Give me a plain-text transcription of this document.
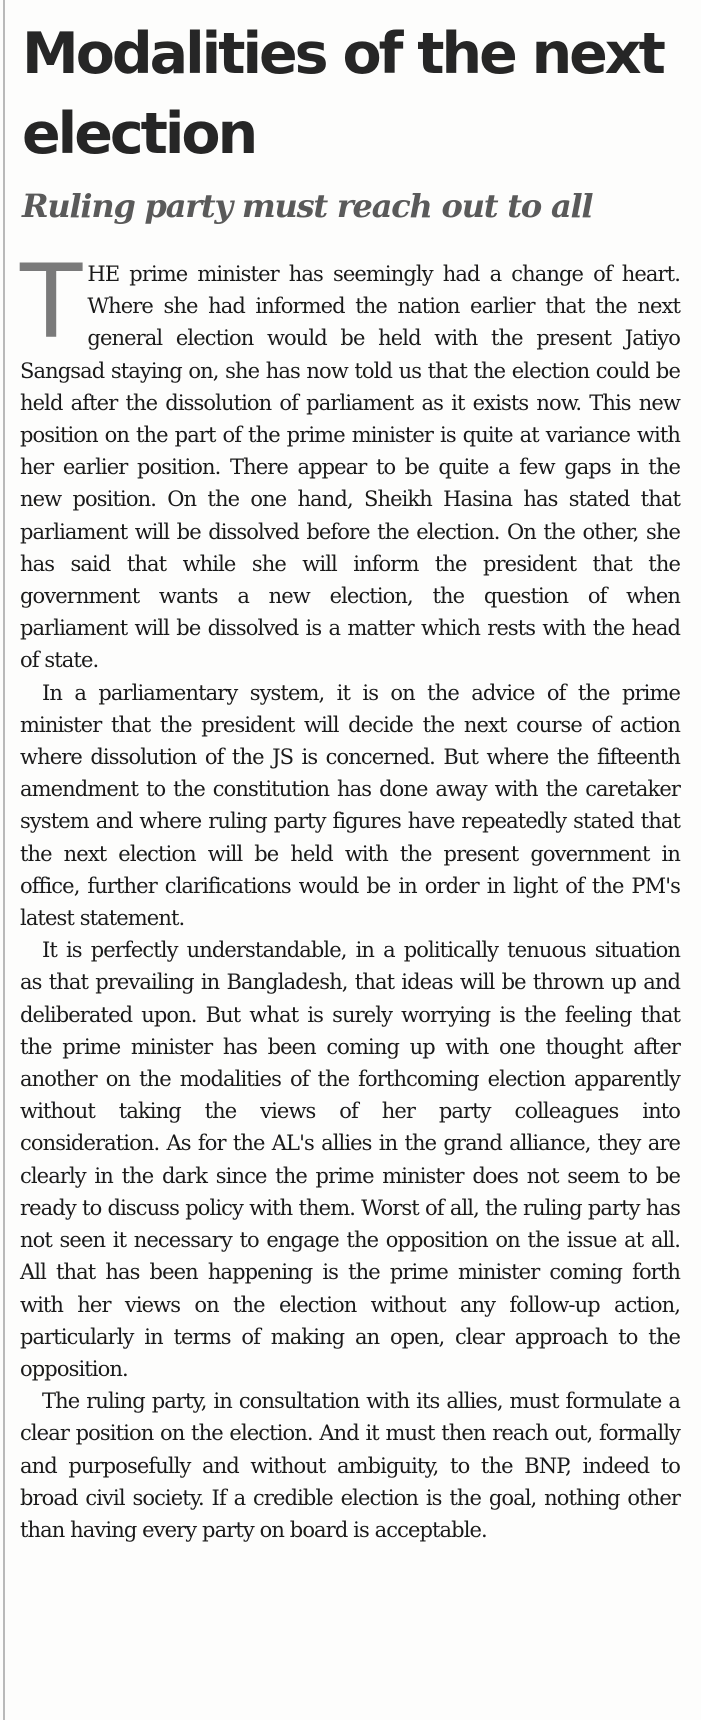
Modalities of the next election
Ruling party must reach out to all

THE prime minister has seemingly had a change of heart. Where she had informed the nation earlier that the next general election would be held with the present Jatiyo Sangsad staying on, she has now told us that the election could be held after the dissolution of parliament as it exists now. This new position on the part of the prime minister is quite at variance with her earlier position. There appear to be quite a few gaps in the new position. On the one hand, Sheikh Hasina has stated that parliament will be dissolved before the election. On the other, she has said that while she will inform the president that the government wants a new election, the question of when parliament will be dissolved is a matter which rests with the head of state.

In a parliamentary system, it is on the advice of the prime minister that the president will decide the next course of action where dissolution of the JS is concerned. But where the fifteenth amendment to the constitution has done away with the caretaker system and where ruling party figures have repeatedly stated that the next election will be held with the present government in office, further clarifications would be in order in light of the PM's latest statement.

It is perfectly understandable, in a politically tenuous situation as that prevailing in Bangladesh, that ideas will be thrown up and deliberated upon. But what is surely worrying is the feeling that the prime minister has been coming up with one thought after another on the modalities of the forthcoming election apparently without taking the views of her party colleagues into consideration. As for the AL's allies in the grand alliance, they are clearly in the dark since the prime minister does not seem to be ready to discuss policy with them. Worst of all, the ruling party has not seen it necessary to engage the opposition on the issue at all. All that has been happening is the prime minister coming forth with her views on the election without any follow-up action, particularly in terms of making an open, clear approach to the opposition.

The ruling party, in consultation with its allies, must formulate a clear position on the election. And it must then reach out, formally and purposefully and without ambiguity, to the BNP, indeed to broad civil society. If a credible election is the goal, nothing other than having every party on board is acceptable.
